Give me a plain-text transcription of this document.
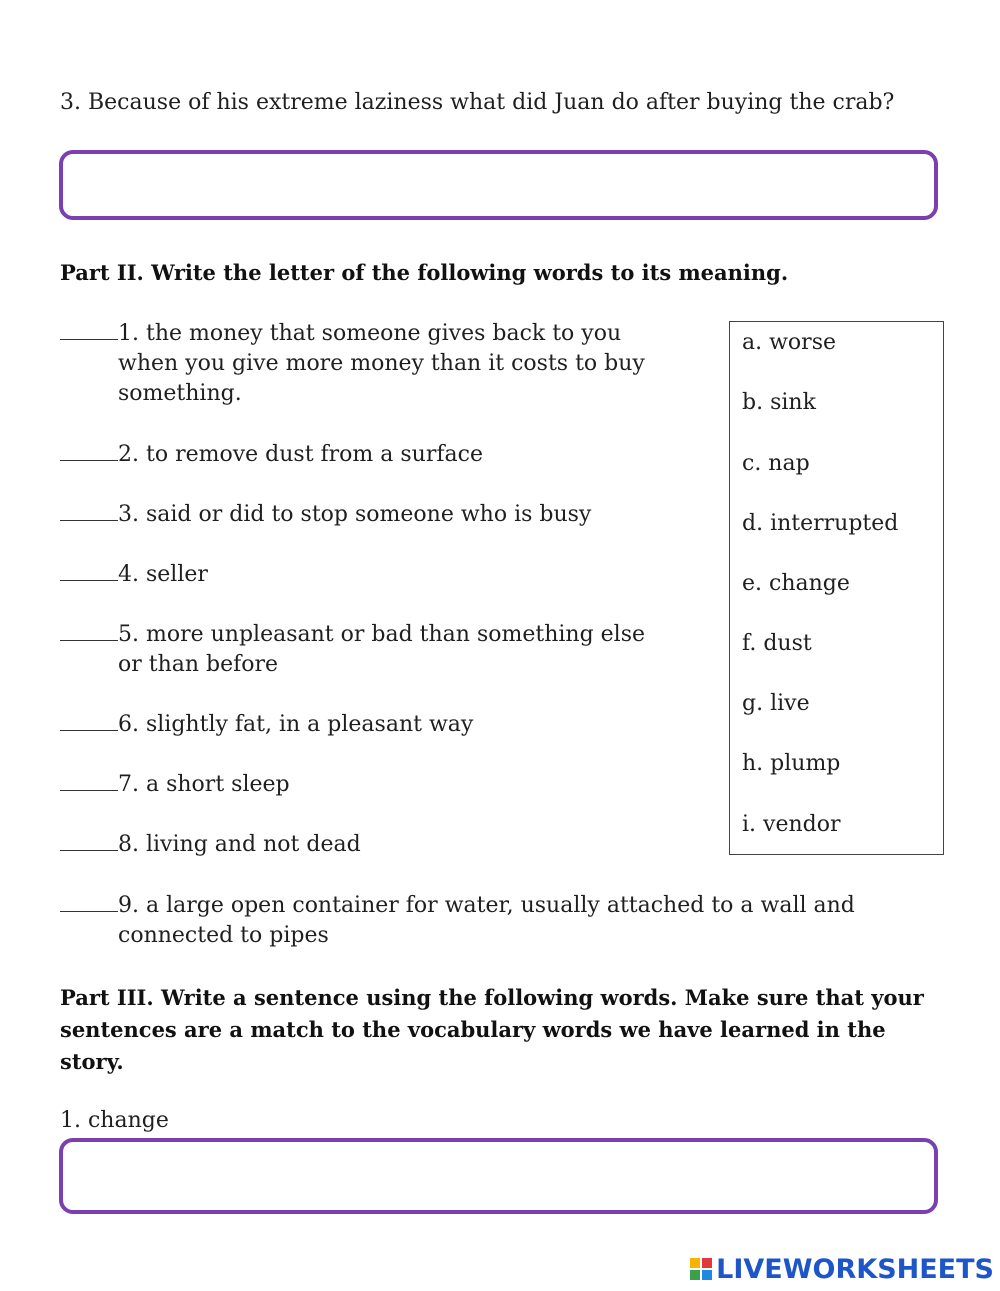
3. Because of his extreme laziness what did Juan do after buying the crab?
Part II. Write the letter of the following words to its meaning.
1. the money that someone gives back to you
when you give more money than it costs to buy something.
2. to remove dust from a surface
3. said or did to stop someone who is busy
4. seller
5. more unpleasant or bad than something else
or than before
6. slightly fat, in a pleasant way
7. a short sleep
8. living and not dead
9. a large open container for water, usually attached to a wall and
connected to pipes
a. worse
b. sink
c. nap
d. interrupted
e. change
f. dust
g. live
h. plump
i. vendor
Part III. Write a sentence using the following words. Make sure that your sentences are a match to the vocabulary words we have learned in the story.
1. change
LIVEWORKSHEETS
